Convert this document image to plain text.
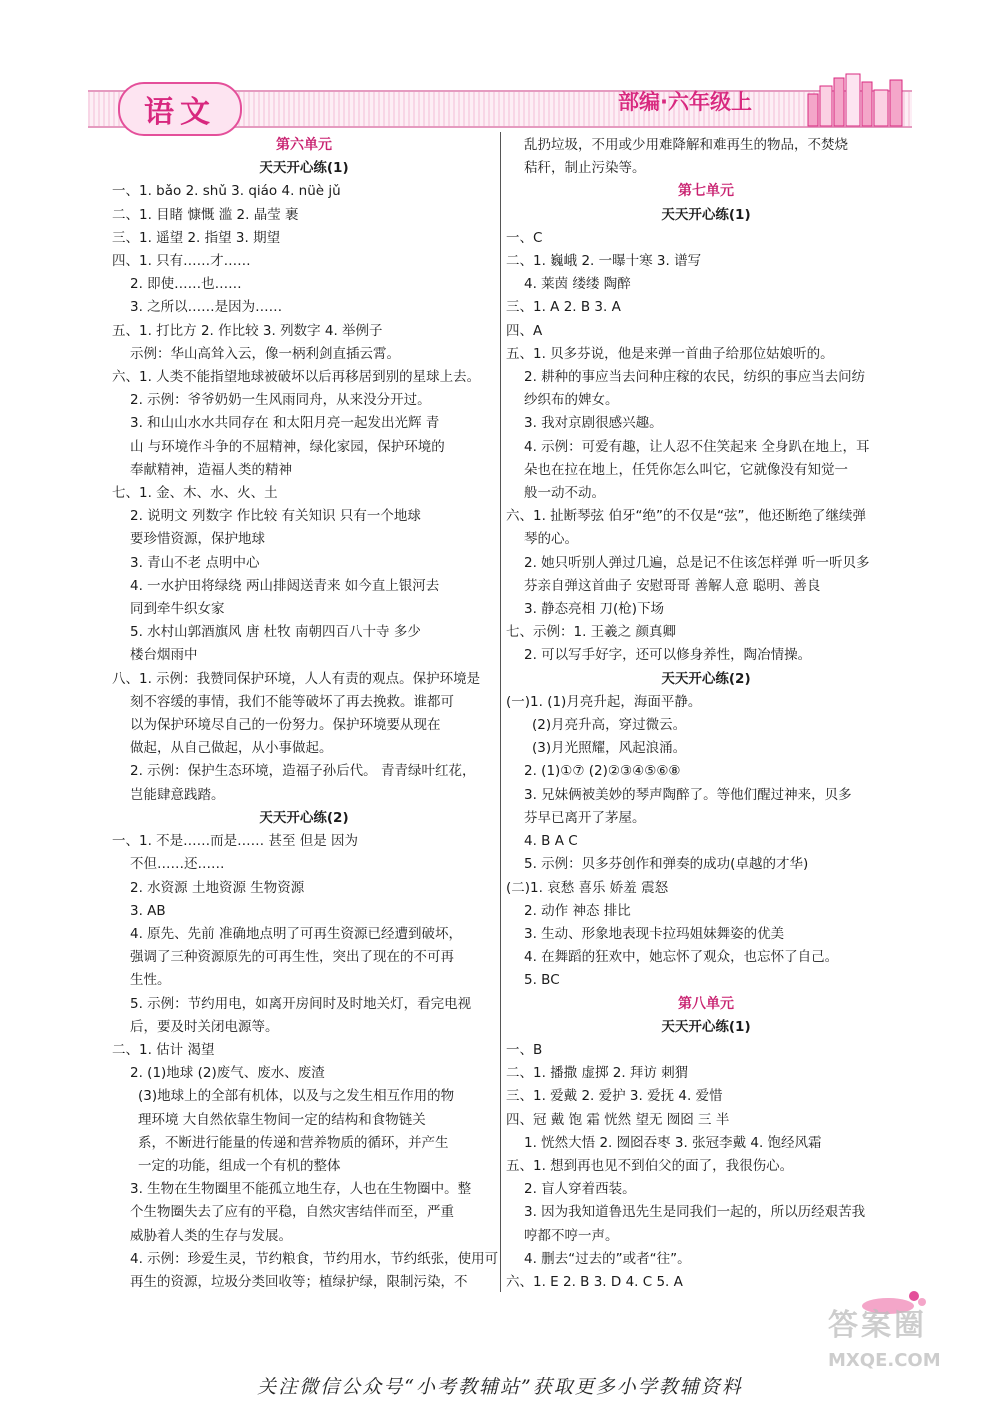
语文	部编·六年级上
第六单元
天天开心练(1)
一、1. bǎo 2. shǔ 3. qiáo 4. nüè jǔ
二、1. 目睹 慷慨 滥 2. 晶莹 裹
三、1. 遥望 2. 指望 3. 期望
四、1. 只有……才……
2. 即使……也……
3. 之所以……是因为……
五、1. 打比方 2. 作比较 3. 列数字 4. 举例子
示例：华山高耸入云，像一柄利剑直插云霄。
六、1. 人类不能指望地球被破坏以后再移居到别的星球上去。
2. 示例：爷爷奶奶一生风雨同舟，从来没分开过。
3. 和山山水水共同存在 和太阳月亮一起发出光辉 青
山 与环境作斗争的不屈精神，绿化家园，保护环境的
奉献精神，造福人类的精神
七、1. 金、木、水、火、土
2. 说明文 列数字 作比较 有关知识 只有一个地球
要珍惜资源，保护地球
3. 青山不老 点明中心
4. 一水护田将绿绕 两山排闼送青来 如今直上银河去
同到牵牛织女家
5. 水村山郭酒旗风 唐 杜牧 南朝四百八十寺 多少
楼台烟雨中
八、1. 示例：我赞同保护环境，人人有责的观点。保护环境是
刻不容缓的事情，我们不能等破坏了再去挽救。谁都可
以为保护环境尽自己的一份努力。保护环境要从现在
做起，从自己做起，从小事做起。
2. 示例：保护生态环境，造福子孙后代。 青青绿叶红花，
岂能肆意践踏。
天天开心练(2)
一、1. 不是……而是…… 甚至 但是 因为
不但……还……
2. 水资源 土地资源 生物资源
3. AB
4. 原先、先前 准确地点明了可再生资源已经遭到破坏，
强调了三种资源原先的可再生性，突出了现在的不可再
生性。
5. 示例：节约用电，如离开房间时及时地关灯，看完电视
后，要及时关闭电源等。
二、1. 估计 渴望
2. (1)地球 (2)废气、废水、废渣
(3)地球上的全部有机体，以及与之发生相互作用的物
理环境 大自然依靠生物间一定的结构和食物链关
系，不断进行能量的传递和营养物质的循环，并产生
一定的功能，组成一个有机的整体
3. 生物在生物圈里不能孤立地生存，人也在生物圈中。整
个生物圈失去了应有的平稳，自然灾害结伴而至，严重
威胁着人类的生存与发展。
4. 示例：珍爱生灵，节约粮食，节约用水，节约纸张，使用可
再生的资源，垃圾分类回收等；植绿护绿，限制污染，不
乱扔垃圾，不用或少用难降解和难再生的物品，不焚烧
秸秆，制止污染等。
第七单元
天天开心练(1)
一、C
二、1. 巍峨 2. 一曝十寒 3. 谱写
4. 莱茵 缕缕 陶醉
三、1. A 2. B 3. A
四、A
五、1. 贝多芬说，他是来弹一首曲子给那位姑娘听的。
2. 耕种的事应当去问种庄稼的农民，纺织的事应当去问纺
纱织布的婢女。
3. 我对京剧很感兴趣。
4. 示例：可爱有趣，让人忍不住笑起来 全身趴在地上，耳
朵也在拉在地上，任凭你怎么叫它，它就像没有知觉一
般一动不动。
六、1. 扯断琴弦 伯牙“绝”的不仅是“弦”，他还断绝了继续弹
琴的心。
2. 她只听别人弹过几遍，总是记不住该怎样弹 听一听贝多
芬亲自弹这首曲子 安慰哥哥 善解人意 聪明、善良
3. 静态亮相 刀(枪)下场
七、示例：1. 王羲之 颜真卿
2. 可以写手好字，还可以修身养性，陶冶情操。
天天开心练(2)
(一)1. (1)月亮升起，海面平静。
(2)月亮升高，穿过微云。
(3)月光照耀，风起浪涌。
2. (1)①⑦ (2)②③④⑤⑥⑧
3. 兄妹俩被美妙的琴声陶醉了。等他们醒过神来，贝多
芬早已离开了茅屋。
4. B A C
5. 示例：贝多芬创作和弹奏的成功(卓越的才华)
(二)1. 哀愁 喜乐 娇羞 震怒
2. 动作 神态 排比
3. 生动、形象地表现卡拉玛姐妹舞姿的优美
4. 在舞蹈的狂欢中，她忘怀了观众，也忘怀了自己。
5. BC
第八单元
天天开心练(1)
一、B
二、1. 播撒 虚掷 2. 拜访 刺猬
三、1. 爱戴 2. 爱护 3. 爱抚 4. 爱惜
四、冠 戴 饱 霜 恍然 望无 囫囵 三 半
1. 恍然大悟 2. 囫囵吞枣 3. 张冠李戴 4. 饱经风霜
五、1. 想到再也见不到伯父的面了，我很伤心。
2. 盲人穿着西装。
3. 因为我知道鲁迅先生是同我们一起的，所以历经艰苦我
哼都不哼一声。
4. 删去“过去的”或者“往”。
六、1. E 2. B 3. D 4. C 5. A
答案圈
MXQE.COM
关注微信公众号“小考教辅站”获取更多小学教辅资料
